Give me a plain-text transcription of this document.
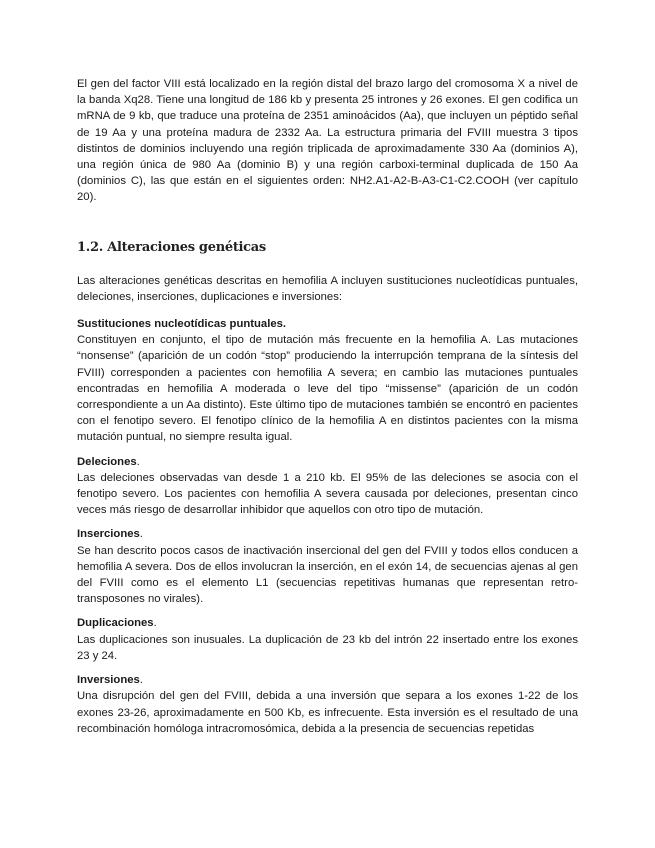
El gen del factor VIII está localizado en la región distal del brazo largo del cromosoma X a nivel de la banda Xq28. Tiene una longitud de 186 kb y presenta 25 intrones y 26 exones. El gen codifica un mRNA de 9 kb, que traduce una proteína de 2351 aminoácidos (Aa), que incluyen un péptido señal de 19 Aa y una proteína madura de 2332 Aa. La estructura primaria del FVIII muestra 3 tipos distintos de dominios incluyendo una región triplicada de aproximadamente 330 Aa (dominios A), una región única de 980 Aa (dominio B) y una región carboxi-terminal duplicada de 150 Aa (dominios C), las que están en el siguientes orden: NH2.A1-A2-B-A3-C1-C2.COOH (ver capítulo 20).

1.2. Alteraciones genéticas

Las alteraciones genéticas descritas en hemofilia A incluyen sustituciones nucleotídicas puntuales, deleciones, inserciones, duplicaciones e inversiones:

Sustituciones nucleotídicas puntuales.

Constituyen en conjunto, el tipo de mutación más frecuente en la hemofilia A. Las mutaciones “nonsense” (aparición de un codón “stop” produciendo la interrupción temprana de la síntesis del FVIII) corresponden a pacientes con hemofilia A severa; en cambio las mutaciones puntuales encontradas en hemofilia A moderada o leve del tipo “missense” (aparición de un codón correspondiente a un Aa distinto). Este último tipo de mutaciones también se encontró en pacientes con el fenotipo severo. El fenotipo clínico de la hemofilia A en distintos pacientes con la misma mutación puntual, no siempre resulta igual.

Deleciones.

Las deleciones observadas van desde 1 a 210 kb. El 95% de las deleciones se asocia con el fenotipo severo. Los pacientes con hemofilia A severa causada por deleciones, presentan cinco veces más riesgo de desarrollar inhibidor que aquellos con otro tipo de mutación.

Inserciones.

Se han descrito pocos casos de inactivación insercional del gen del FVIII y todos ellos conducen a hemofilia A severa. Dos de ellos involucran la inserción, en el exón 14, de secuencias ajenas al gen del FVIII como es el elemento L1 (secuencias repetitivas humanas que representan retro-transposones no virales).

Duplicaciones.

Las duplicaciones son inusuales. La duplicación de 23 kb del intrón 22 insertado entre los exones 23 y 24.

Inversiones.

Una disrupción del gen del FVIII, debida a una inversión que separa a los exones 1-22 de los exones 23-26, aproximadamente en 500 Kb, es infrecuente. Esta inversión es el resultado de una recombinación homóloga intracromosómica, debida a la presencia de secuencias repetidas
